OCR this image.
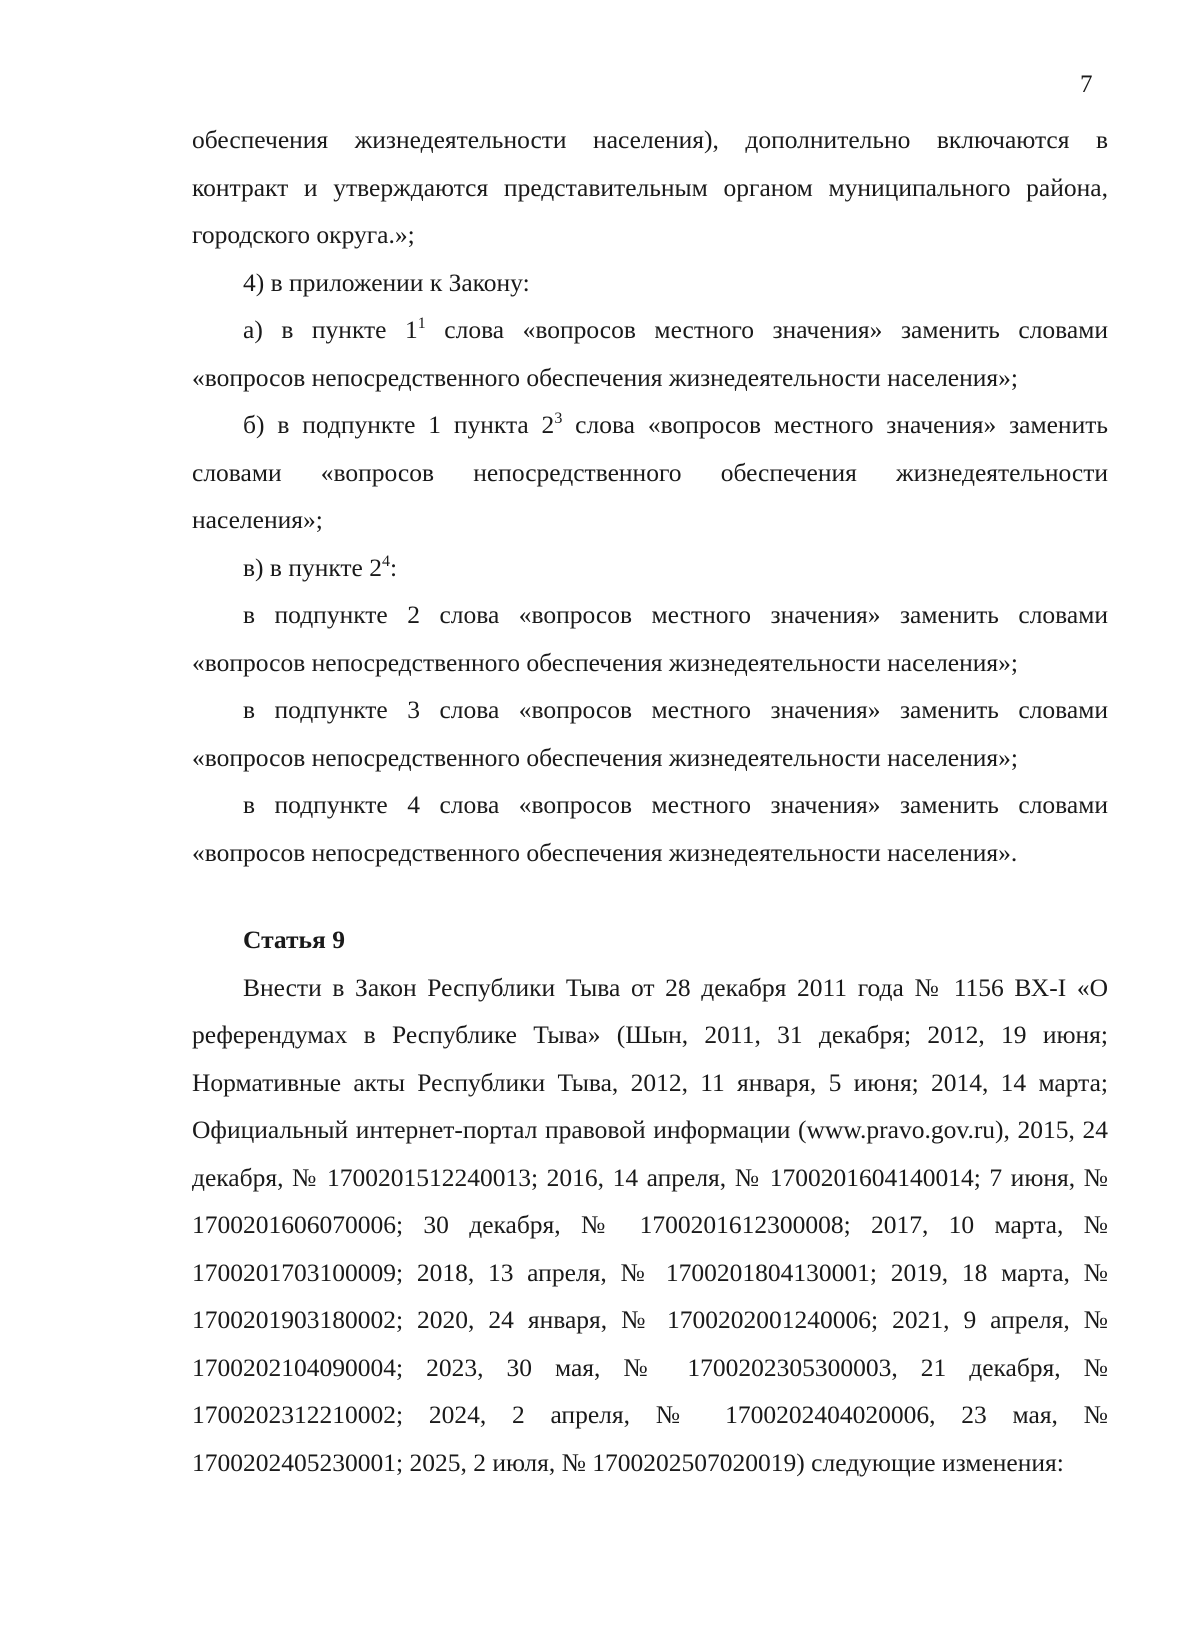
7

обеспечения жизнедеятельности населения), дополнительно включаются в контракт и утверждаются представительным органом муниципального района, городского округа.»;

4) в приложении к Закону:

а) в пункте $1^1$ слова «вопросов местного значения» заменить словами «вопросов непосредственного обеспечения жизнедеятельности населения»;

б) в подпункте 1 пункта $2^3$ слова «вопросов местного значения» заменить словами «вопросов непосредственного обеспечения жизнедеятельности населения»;

в) в пункте $2^4$:

в подпункте 2 слова «вопросов местного значения» заменить словами «вопросов непосредственного обеспечения жизнедеятельности населения»;

в подпункте 3 слова «вопросов местного значения» заменить словами «вопросов непосредственного обеспечения жизнедеятельности населения»;

в подпункте 4 слова «вопросов местного значения» заменить словами «вопросов непосредственного обеспечения жизнедеятельности населения».

Статья 9

Внести в Закон Республики Тыва от 28 декабря 2011 года № 1156 ВХ-I «О референдумах в Республике Тыва» (Шын, 2011, 31 декабря; 2012, 19 июня; Нормативные акты Республики Тыва, 2012, 11 января, 5 июня; 2014, 14 марта; Официальный интернет-портал правовой информации (www.pravo.gov.ru), 2015, 24 декабря, № 1700201512240013; 2016, 14 апреля, № 1700201604140014; 7 июня, № 1700201606070006; 30 декабря, № 1700201612300008; 2017, 10 марта, № 1700201703100009; 2018, 13 апреля, № 1700201804130001; 2019, 18 марта, № 1700201903180002; 2020, 24 января, № 1700202001240006; 2021, 9 апреля, № 1700202104090004; 2023, 30 мая, № 1700202305300003, 21 декабря, № 1700202312210002; 2024, 2 апреля, № 1700202404020006, 23 мая, № 1700202405230001; 2025, 2 июля, № 1700202507020019) следующие изменения:
